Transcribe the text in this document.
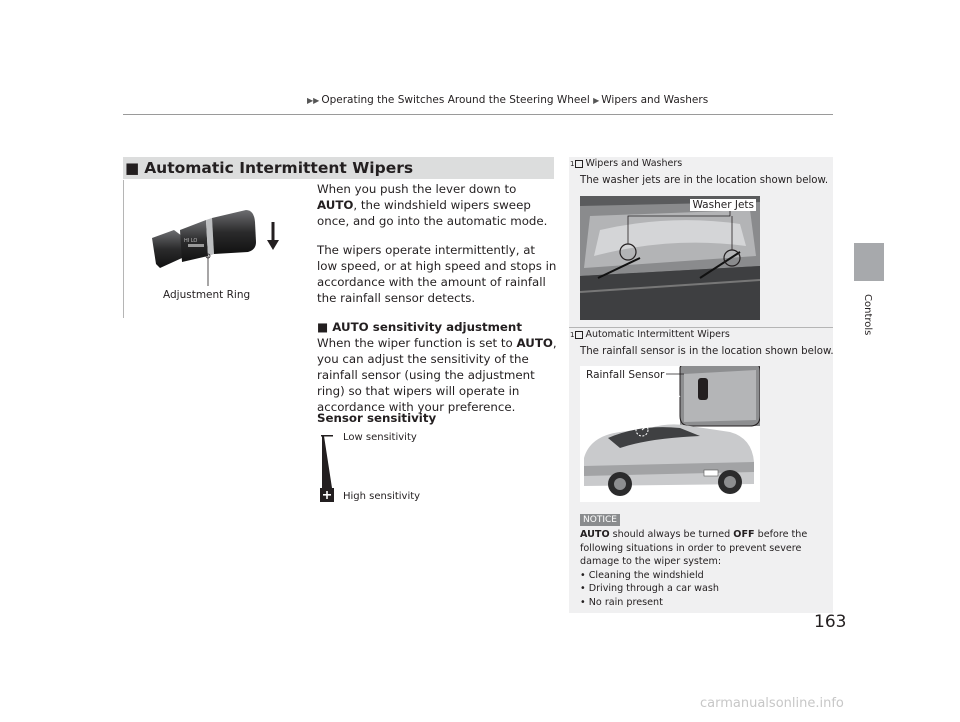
▶▶ Operating the Switches Around the Steering Wheel ▶ Wipers and Washers
Controls
■ Automatic Intermittent Wipers
HI LO
Adjustment Ring
When you push the lever down to AUTO, the windshield wipers sweep once, and go into the automatic mode.
The wipers operate intermittently, at low speed, or at high speed and stops in accordance with the amount of rainfall the rainfall sensor detects.
■ AUTO sensitivity adjustment
When the wiper function is set to AUTO, you can adjust the sensitivity of the rainfall sensor (using the adjustment ring) so that wipers will operate in accordance with your preference.
Sensor sensitivity
Low sensitivity
High sensitivity
1 Wipers and Washers
The washer jets are in the location shown below.
Washer Jets
1 Automatic Intermittent Wipers
The rainfall sensor is in the location shown below.
Rainfall Sensor
NOTICE
AUTO should always be turned OFF before the following situations in order to prevent severe damage to the wiper system:
• Cleaning the windshield
• Driving through a car wash
• No rain present
163
carmanualsonline.info
